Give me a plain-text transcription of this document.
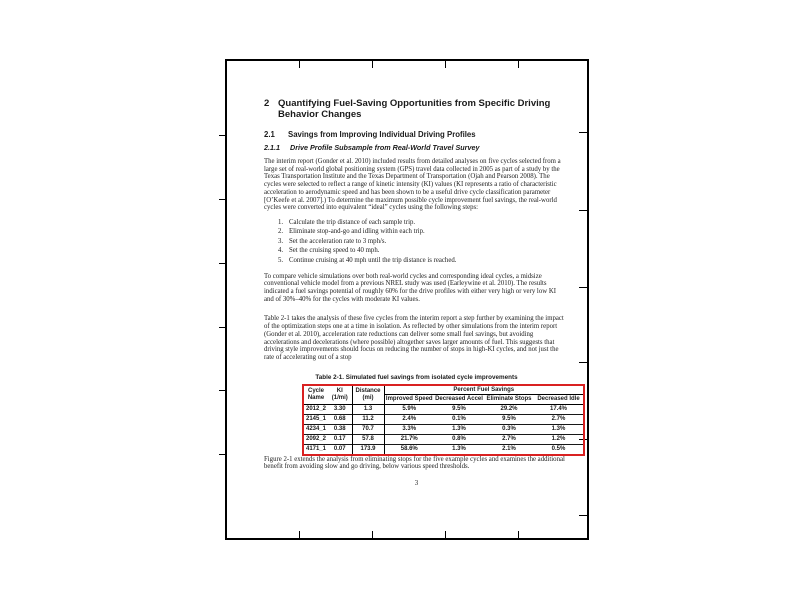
2 Quantifying Fuel-Saving Opportunities from Specific Driving Behavior Changes
2.1	Savings from Improving Individual Driving Profiles
2.1.1	Drive Profile Subsample from Real-World Travel Survey

The interim report (Gonder et al. 2010) included results from detailed analyses on five cycles selected from a large set of real-world global positioning system (GPS) travel data collected in 2005 as part of a study by the Texas Transportation Institute and the Texas Department of Transportation (Ojah and Pearson 2008). The cycles were selected to reflect a range of kinetic intensity (KI) values (KI represents a ratio of characteristic acceleration to aerodynamic speed and has been shown to be a useful drive cycle classification parameter [O’Keefe et al. 2007].) To determine the maximum possible cycle improvement fuel savings, the real-world cycles were converted into equivalent “ideal” cycles using the following steps:

1. Calculate the trip distance of each sample trip.
2. Eliminate stop-and-go and idling within each trip.
3. Set the acceleration rate to 3 mph/s.
4. Set the cruising speed to 40 mph.
5. Continue cruising at 40 mph until the trip distance is reached.

To compare vehicle simulations over both real-world cycles and corresponding ideal cycles, a midsize conventional vehicle model from a previous NREL study was used (Earleywine et al. 2010). The results indicated a fuel savings potential of roughly 60% for the drive profiles with either very high or very low KI and of 30%–40% for the cycles with moderate KI values.

Table 2-1 takes the analysis of these five cycles from the interim report a step further by examining the impact of the optimization steps one at a time in isolation. As reflected by other simulations from the interim report (Gonder et al. 2010), acceleration rate reductions can deliver some small fuel savings, but avoiding accelerations and decelerations (where possible) altogether saves larger amounts of fuel. This suggests that driving style improvements should focus on reducing the number of stops in high-KI cycles, and not just the rate of accelerating out of a stop

Table 2-1. Simulated fuel savings from isolated cycle improvements
Cycle Name	KI (1/mi)	Distance (mi)	Percent Fuel Savings			
			Improved Speed	Decreased Accel	Eliminate Stops	Decreased Idle
2012_2	3.30	1.3	5.9%	9.5%	29.2%	17.4%
2145_1	0.68	11.2	2.4%	0.1%	9.5%	2.7%
4234_1	0.38	70.7	3.3%	1.3%	0.3%	1.3%
2092_2	0.17	57.8	21.7%	0.8%	2.7%	1.2%
4171_1	0.07	173.9	58.6%	1.3%	2.1%	0.5%

Figure 2-1 extends the analysis from eliminating stops for the five example cycles and examines the additional benefit from avoiding slow and go driving, below various speed thresholds.

3
